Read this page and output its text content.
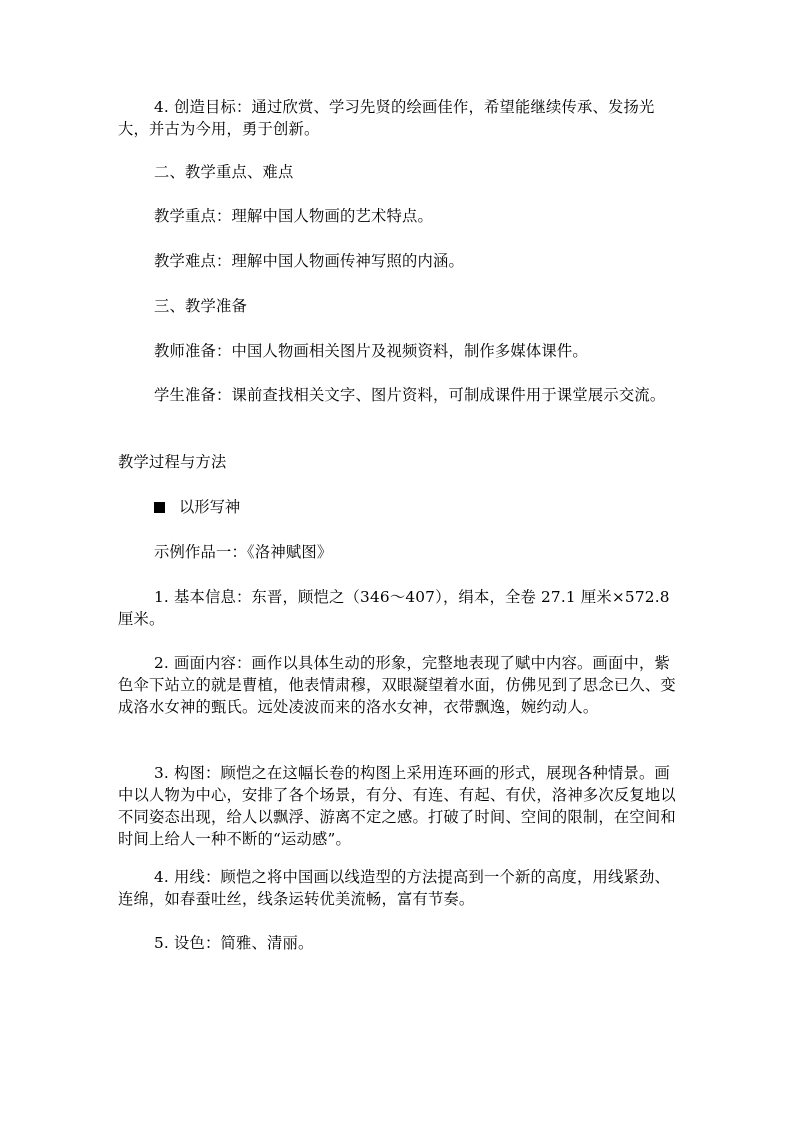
4. 创造目标：通过欣赏、学习先贤的绘画佳作，希望能继续传承、发扬光大，并古为今用，勇于创新。

二、教学重点、难点

教学重点：理解中国人物画的艺术特点。

教学难点：理解中国人物画传神写照的内涵。

三、教学准备

教师准备：中国人物画相关图片及视频资料，制作多媒体课件。

学生准备：课前查找相关文字、图片资料，可制成课件用于课堂展示交流。

教学过程与方法

以形写神

示例作品一：《洛神赋图》

1. 基本信息：东晋，顾恺之（346～407），绢本，全卷 27.1 厘米×572.8 厘米。

2. 画面内容：画作以具体生动的形象，完整地表现了赋中内容。画面中，紫色伞下站立的就是曹植，他表情肃穆，双眼凝望着水面，仿佛见到了思念已久、变成洛水女神的甄氏。远处凌波而来的洛水女神，衣带飘逸，婉约动人。

3. 构图：顾恺之在这幅长卷的构图上采用连环画的形式，展现各种情景。画中以人物为中心，安排了各个场景，有分、有连、有起、有伏，洛神多次反复地以不同姿态出现，给人以飘浮、游离不定之感。打破了时间、空间的限制，在空间和时间上给人一种不断的“运动感”。

4. 用线：顾恺之将中国画以线造型的方法提高到一个新的高度，用线紧劲、连绵，如春蚕吐丝，线条运转优美流畅，富有节奏。

5. 设色：简雅、清丽。
